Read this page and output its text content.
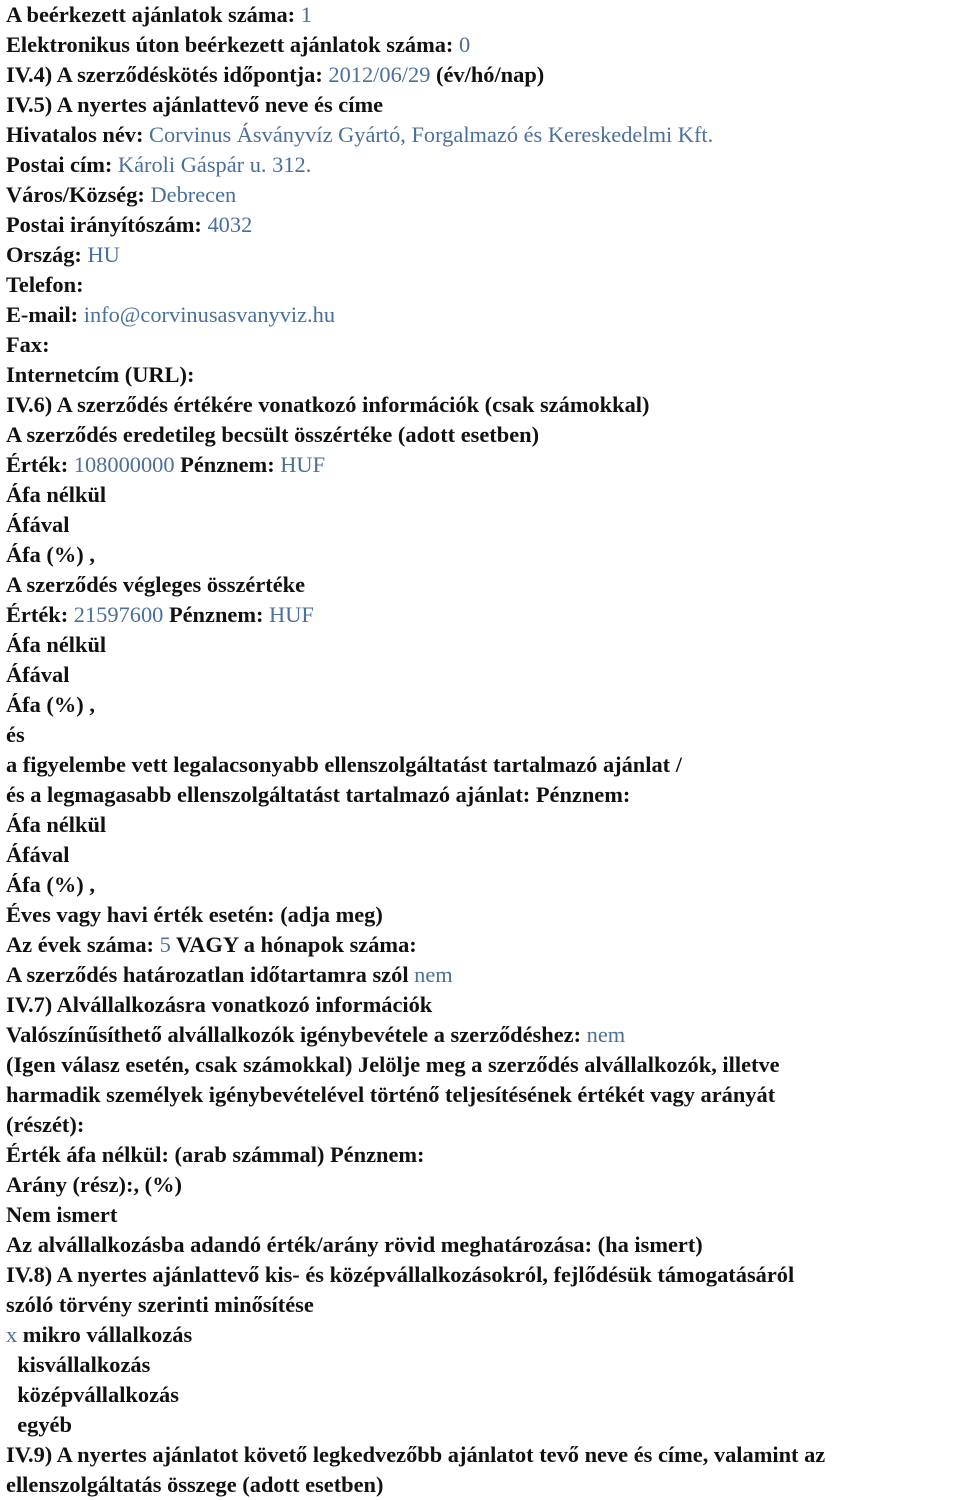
A beérkezett ajánlatok száma: 1
Elektronikus úton beérkezett ajánlatok száma: 0
IV.4) A szerződéskötés időpontja: 2012/06/29 (év/hó/nap)
IV.5) A nyertes ajánlattevő neve és címe
Hivatalos név: Corvinus Ásványvíz Gyártó, Forgalmazó és Kereskedelmi Kft.
Postai cím: Károli Gáspár u. 312.
Város/Község: Debrecen
Postai irányítószám: 4032
Ország: HU
Telefon:
E-mail: info@corvinusasvanyviz.hu
Fax:
Internetcím (URL):
IV.6) A szerződés értékére vonatkozó információk (csak számokkal)
A szerződés eredetileg becsült összértéke (adott esetben)
Érték: 108000000 Pénznem: HUF
Áfa nélkül
Áfával
Áfa (%) ,
A szerződés végleges összértéke
Érték: 21597600 Pénznem: HUF
Áfa nélkül
Áfával
Áfa (%) ,
és
a figyelembe vett legalacsonyabb ellenszolgáltatást tartalmazó ajánlat /
és a legmagasabb ellenszolgáltatást tartalmazó ajánlat: Pénznem:
Áfa nélkül
Áfával
Áfa (%) ,
Éves vagy havi érték esetén: (adja meg)
Az évek száma: 5 VAGY a hónapok száma:
A szerződés határozatlan időtartamra szól nem
IV.7) Alvállalkozásra vonatkozó információk
Valószínűsíthető alvállalkozók igénybevétele a szerződéshez: nem
(Igen válasz esetén, csak számokkal) Jelölje meg a szerződés alvállalkozók, illetve
harmadik személyek igénybevételével történő teljesítésének értékét vagy arányát
(részét):
Érték áfa nélkül: (arab számmal) Pénznem:
Arány (rész):, (%)
Nem ismert
Az alvállalkozásba adandó érték/arány rövid meghatározása: (ha ismert)
IV.8) A nyertes ajánlattevő kis- és középvállalkozásokról, fejlődésük támogatásáról
szóló törvény szerinti minősítése
x mikro vállalkozás
kisvállalkozás
középvállalkozás
egyéb
IV.9) A nyertes ajánlatot követő legkedvezőbb ajánlatot tevő neve és címe, valamint az
ellenszolgáltatás összege (adott esetben)
